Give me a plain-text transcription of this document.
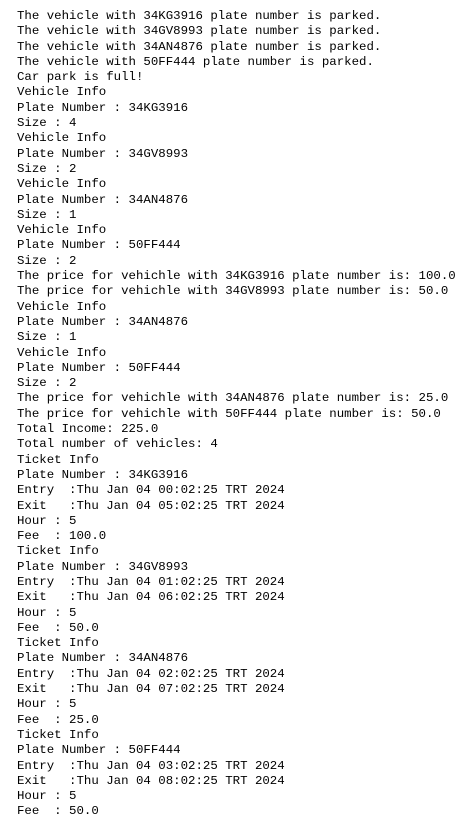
The vehicle with 34KG3916 plate number is parked.
The vehicle with 34GV8993 plate number is parked.
The vehicle with 34AN4876 plate number is parked.
The vehicle with 50FF444 plate number is parked.
Car park is full!
Vehicle Info
Plate Number : 34KG3916
Size : 4
Vehicle Info
Plate Number : 34GV8993
Size : 2
Vehicle Info
Plate Number : 34AN4876
Size : 1
Vehicle Info
Plate Number : 50FF444
Size : 2
The price for vehichle with 34KG3916 plate number is: 100.0
The price for vehichle with 34GV8993 plate number is: 50.0
Vehicle Info
Plate Number : 34AN4876
Size : 1
Vehicle Info
Plate Number : 50FF444
Size : 2
The price for vehichle with 34AN4876 plate number is: 25.0
The price for vehichle with 50FF444 plate number is: 50.0
Total Income: 225.0
Total number of vehicles: 4
Ticket Info
Plate Number : 34KG3916
Entry  :Thu Jan 04 00:02:25 TRT 2024
Exit   :Thu Jan 04 05:02:25 TRT 2024
Hour : 5
Fee  : 100.0
Ticket Info
Plate Number : 34GV8993
Entry  :Thu Jan 04 01:02:25 TRT 2024
Exit   :Thu Jan 04 06:02:25 TRT 2024
Hour : 5
Fee  : 50.0
Ticket Info
Plate Number : 34AN4876
Entry  :Thu Jan 04 02:02:25 TRT 2024
Exit   :Thu Jan 04 07:02:25 TRT 2024
Hour : 5
Fee  : 25.0
Ticket Info
Plate Number : 50FF444
Entry  :Thu Jan 04 03:02:25 TRT 2024
Exit   :Thu Jan 04 08:02:25 TRT 2024
Hour : 5
Fee  : 50.0
